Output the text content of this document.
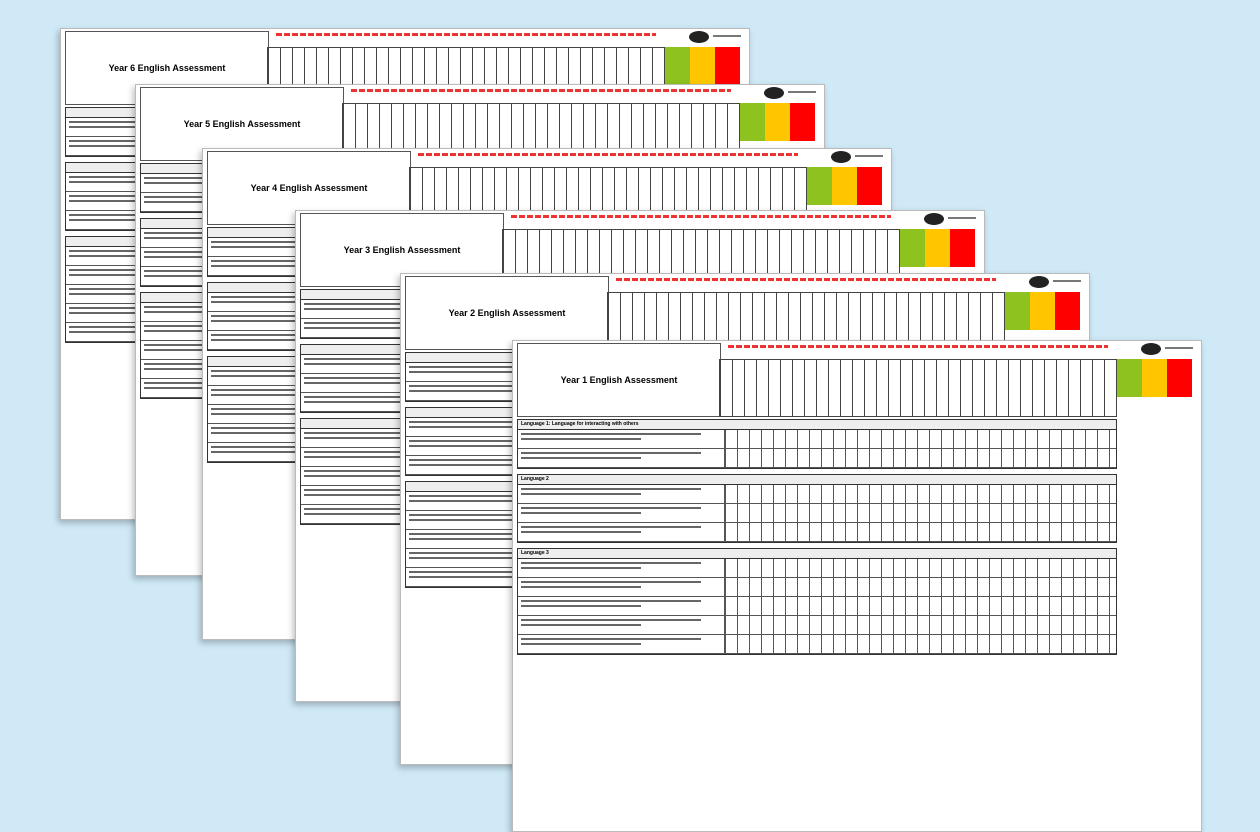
Year 6 English Assessment
Year 5 English Assessment
Year 4 English Assessment
Year 3 English Assessment
Year 2 English Assessment
Year 1 English Assessment
Language 1: Language for interacting with others
Language 2
Language 3
